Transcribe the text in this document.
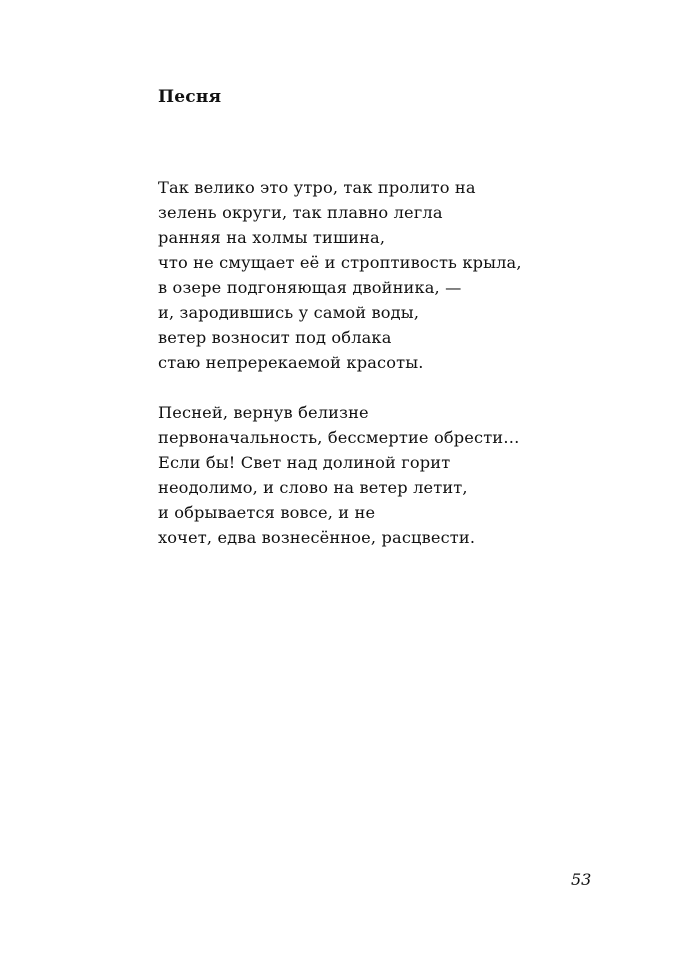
Песня
Так велико это утро, так пролито на
зелень округи, так плавно легла
ранняя на холмы тишина,
что не смущает её и строптивость крыла,
в озере подгоняющая двойника, —
и, зародившись у самой воды,
ветер возносит под облака
стаю непререкаемой красоты.
Песней, вернув белизне
первоначальность, бессмертие обрести…
Если бы! Свет над долиной горит
неодолимо, и слово на ветер летит,
и обрывается вовсе, и не
хочет, едва вознесённое, расцвести.
53
